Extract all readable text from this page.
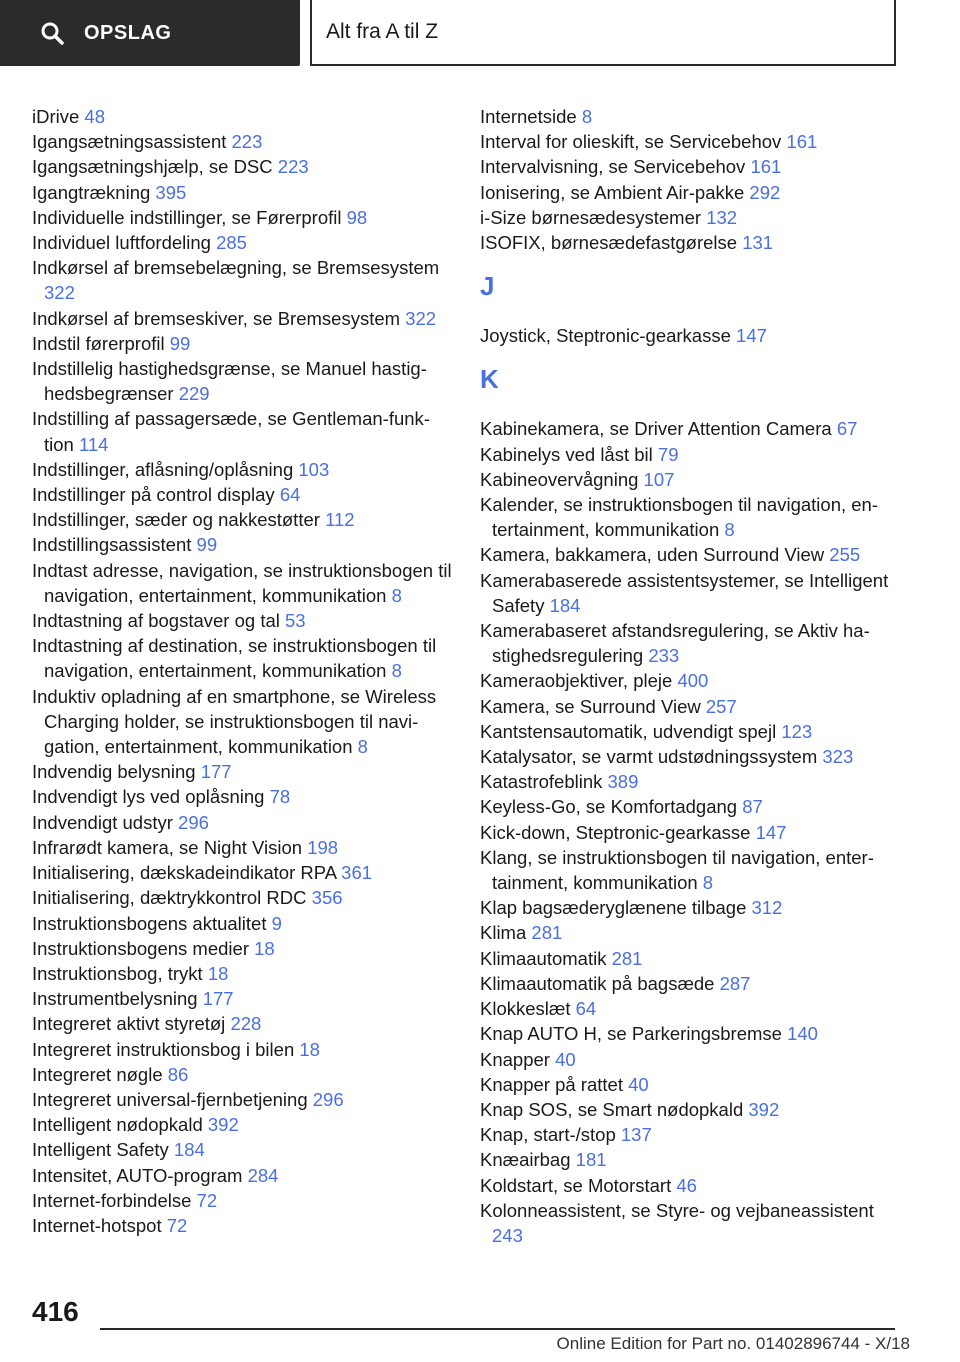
OPSLAG	Alt fra A til Z
iDrive 48
Igangsætningsassistent 223
Igangsætningshjælp, se DSC 223
Igangtrækning 395
Individuelle indstillinger, se Førerprofil 98
Individuel luftfordeling 285
Indkørsel af bremsebelægning, se Bremsesystem 322
Indkørsel af bremseskiver, se Bremsesystem 322
Indstil førerprofil 99
Indstillelig hastighedsgrænse, se Manuel hastighedsbegrænser 229
Indstilling af passagersæde, se Gentleman-funktion 114
Indstillinger, aflåsning/oplåsning 103
Indstillinger på control display 64
Indstillinger, sæder og nakkestøtter 112
Indstillingsassistent 99
Indtast adresse, navigation, se instruktionsbogen til navigation, entertainment, kommunikation 8
Indtastning af bogstaver og tal 53
Indtastning af destination, se instruktionsbogen til navigation, entertainment, kommunikation 8
Induktiv opladning af en smartphone, se Wireless Charging holder, se instruktionsbogen til navigation, entertainment, kommunikation 8
Indvendig belysning 177
Indvendigt lys ved oplåsning 78
Indvendigt udstyr 296
Infrarødt kamera, se Night Vision 198
Initialisering, dækskadeindikator RPA 361
Initialisering, dæktrykkontrol RDC 356
Instruktionsbogens aktualitet 9
Instruktionsbogens medier 18
Instruktionsbog, trykt 18
Instrumentbelysning 177
Integreret aktivt styretøj 228
Integreret instruktionsbog i bilen 18
Integreret nøgle 86
Integreret universal-fjernbetjening 296
Intelligent nødopkald 392
Intelligent Safety 184
Intensitet, AUTO-program 284
Internet-forbindelse 72
Internet-hotspot 72
Internetside 8
Interval for olieskift, se Servicebehov 161
Intervalvisning, se Servicebehov 161
Ionisering, se Ambient Air-pakke 292
i-Size børnesædesystemer 132
ISOFIX, børnesædefastgørelse 131
J
Joystick, Steptronic-gearkasse 147
K
Kabinekamera, se Driver Attention Camera 67
Kabinelys ved låst bil 79
Kabineovervågning 107
Kalender, se instruktionsbogen til navigation, entertainment, kommunikation 8
Kamera, bakkamera, uden Surround View 255
Kamerabaserede assistentsystemer, se Intelligent Safety 184
Kamerabaseret afstandsregulering, se Aktiv hastighedsregulering 233
Kameraobjektiver, pleje 400
Kamera, se Surround View 257
Kantstensautomatik, udvendigt spejl 123
Katalysator, se varmt udstødningssystem 323
Katastrofeblink 389
Keyless-Go, se Komfortadgang 87
Kick-down, Steptronic-gearkasse 147
Klang, se instruktionsbogen til navigation, entertainment, kommunikation 8
Klap bagsæderyglænene tilbage 312
Klima 281
Klimaautomatik 281
Klimaautomatik på bagsæde 287
Klokkeslæt 64
Knap AUTO H, se Parkeringsbremse 140
Knapper 40
Knapper på rattet 40
Knap SOS, se Smart nødopkald 392
Knap, start-/stop 137
Knæairbag 181
Koldstart, se Motorstart 46
Kolonneassistent, se Styre- og vejbaneassistent 243
416
Online Edition for Part no. 01402896744 - X/18
